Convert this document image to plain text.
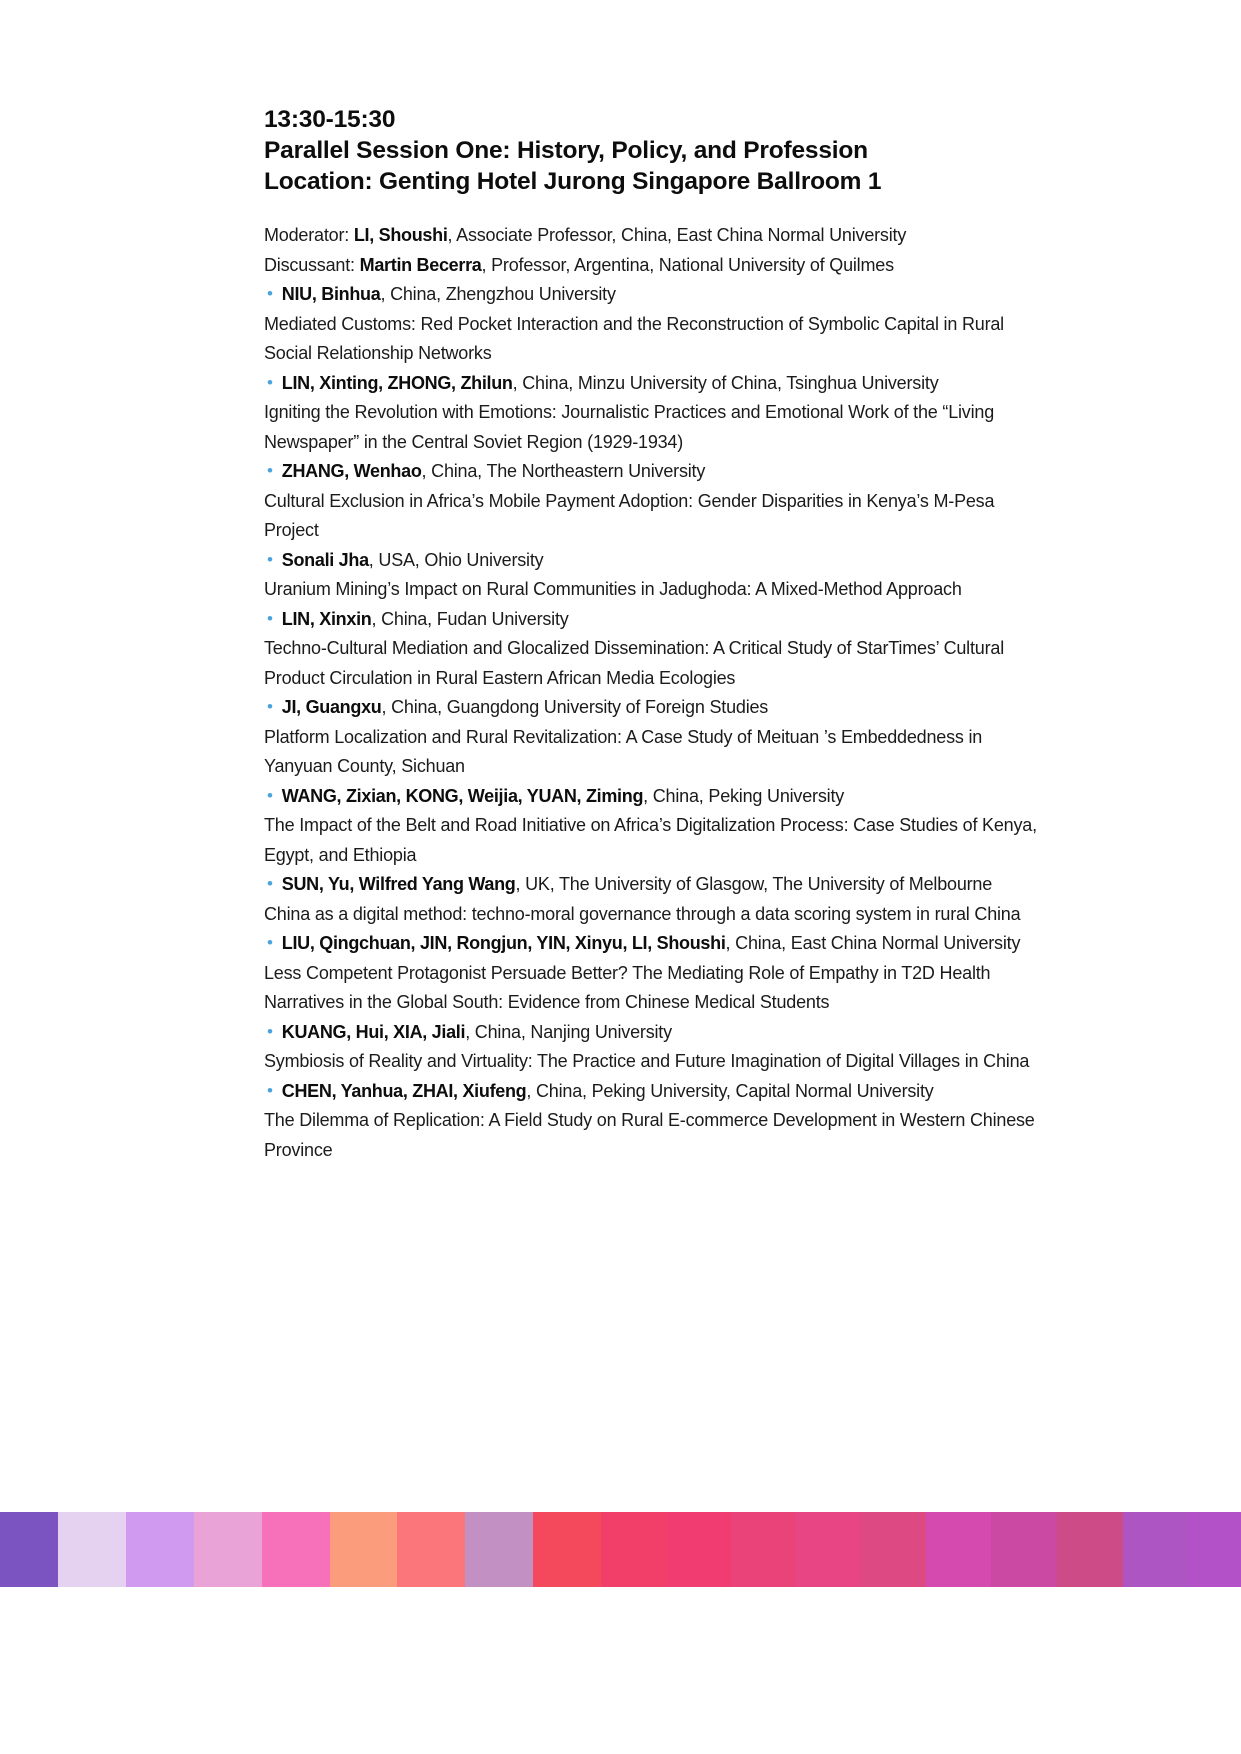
13:30-15:30
Parallel Session One: History, Policy, and Profession
Location: Genting Hotel Jurong Singapore Ballroom 1

Moderator: LI, Shoushi, Associate Professor, China, East China Normal University

Discussant: Martin Becerra, Professor, Argentina, National University of Quilmes

• NIU, Binhua, China, Zhengzhou University

Mediated Customs: Red Pocket Interaction and the Reconstruction of Symbolic Capital in Rural Social Relationship Networks

• LIN, Xinting, ZHONG, Zhilun, China, Minzu University of China, Tsinghua University

Igniting the Revolution with Emotions: Journalistic Practices and Emotional Work of the “Living Newspaper” in the Central Soviet Region (1929-1934)

• ZHANG, Wenhao, China, The Northeastern University

Cultural Exclusion in Africa’s Mobile Payment Adoption: Gender Disparities in Kenya’s M-Pesa Project

• Sonali Jha, USA, Ohio University

Uranium Mining’s Impact on Rural Communities in Jadughoda: A Mixed-Method Approach

• LIN, Xinxin, China, Fudan University

Techno-Cultural Mediation and Glocalized Dissemination: A Critical Study of StarTimes’ Cultural Product Circulation in Rural Eastern African Media Ecologies

• JI, Guangxu, China, Guangdong University of Foreign Studies

Platform Localization and Rural Revitalization: A Case Study of Meituan ’s Embeddedness in Yanyuan County, Sichuan

• WANG, Zixian, KONG, Weijia, YUAN, Ziming, China, Peking University

The Impact of the Belt and Road Initiative on Africa’s Digitalization Process: Case Studies of Kenya, Egypt, and Ethiopia

• SUN, Yu, Wilfred Yang Wang, UK, The University of Glasgow, The University of Melbourne

China as a digital method: techno-moral governance through a data scoring system in rural China

• LIU, Qingchuan, JIN, Rongjun, YIN, Xinyu, LI, Shoushi, China, East China Normal University

Less Competent Protagonist Persuade Better? The Mediating Role of Empathy in T2D Health Narratives in the Global South: Evidence from Chinese Medical Students

• KUANG, Hui, XIA, Jiali, China, Nanjing University

Symbiosis of Reality and Virtuality: The Practice and Future Imagination of Digital Villages in China

• CHEN, Yanhua, ZHAI, Xiufeng, China, Peking University, Capital Normal University

The Dilemma of Replication: A Field Study on Rural E-commerce Development in Western Chinese Province
